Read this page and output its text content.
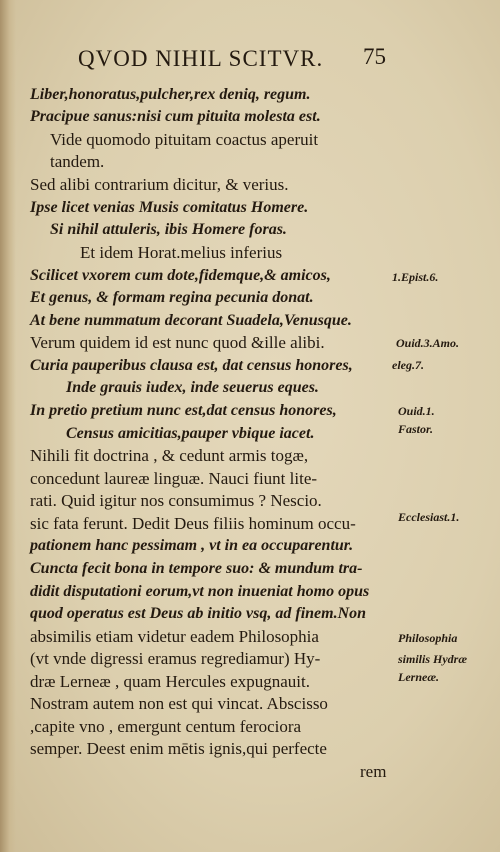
QVOD NIHIL SCITVR.	75
Liber,honoratus,pulcher,rex deniq, regum.
Pracipue sanus:nisi cum pituita molesta est.
Vide quomodo pituitam coactus aperuit
tandem.
Sed alibi contrarium dicitur, & verius.
Ipse licet venias Musis comitatus Homere.
Si nihil attuleris, ibis Homere foras.
Et idem Horat.melius inferius
Scilicet vxorem cum dote,fidemque,& amicos,
Et genus, & formam regina pecunia donat.
At bene nummatum decorant Suadela,Venusque.
Verum quidem id est nunc quod &ille alibi.
Curia pauperibus clausa est, dat census honores,
Inde grauis iudex, inde seuerus eques.
In pretio pretium nunc est,dat census honores,
Census amicitias,pauper vbique iacet.
Nihili fit doctrina , & cedunt armis togæ,
concedunt laureæ linguæ. Nauci fiunt lite-
rati. Quid igitur nos consumimus ? Nescio.
sic fata ferunt. Dedit Deus filiis hominum occu-
pationem hanc pessimam , vt in ea occuparentur.
Cuncta fecit bona in tempore suo: & mundum tra-
didit disputationi eorum,vt non inueniat homo opus
quod operatus est Deus ab initio vsq, ad finem.Non
absimilis etiam videtur eadem Philosophia
(vt vnde digressi eramus regrediamur) Hy-
dræ Lerneæ , quam Hercules expugnauit.
Nostram autem non est qui vincat. Abscisso
,capite vno , emergunt centum ferociora
semper. Deest enim mētis ignis,qui perfecte
rem
1.Epist.6.
Ouid.3.Amo.
eleg.7.
Ouid.1.
Fastor.
Ecclesiast.1.
Philosophia
similis Hydræ
Lerneæ.
